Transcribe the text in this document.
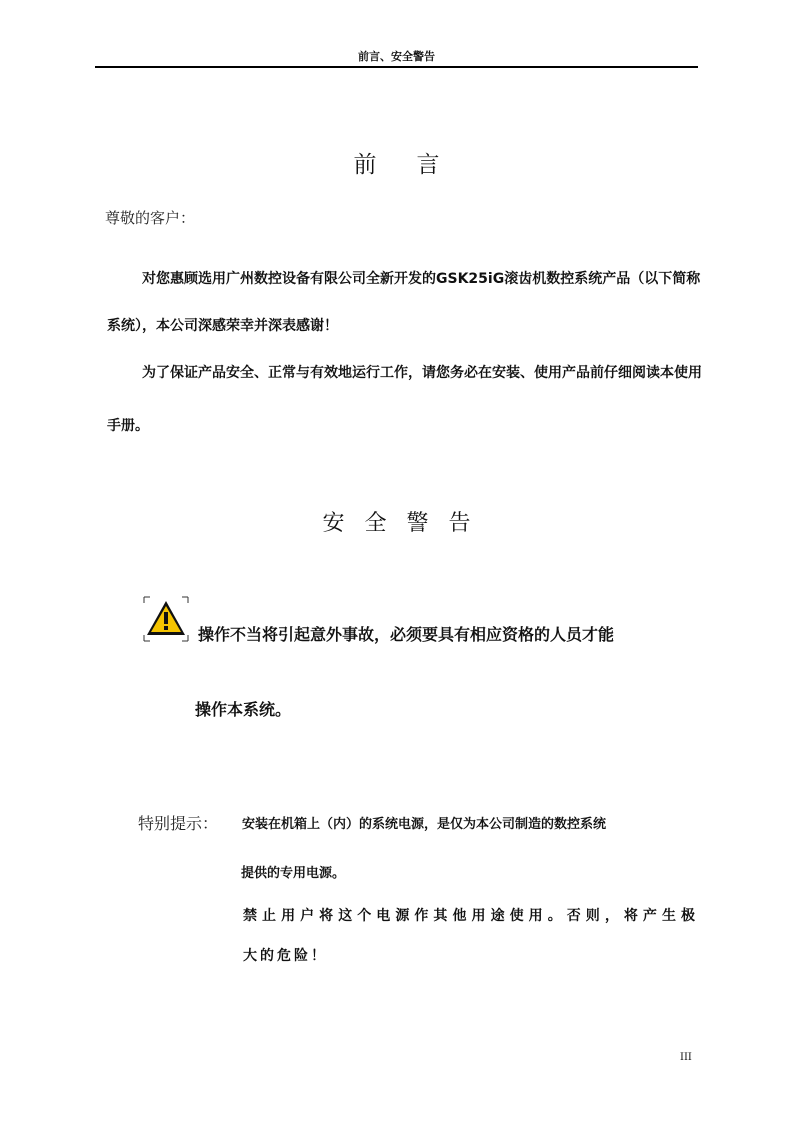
前言、安全警告
前言
尊敬的客户：
对您惠顾选用广州数控设备有限公司全新开发的GSK25iG滚齿机数控系统产品（以下简称系统），本公司深感荣幸并深表感谢！
为了保证产品安全、正常与有效地运行工作，请您务必在安装、使用产品前仔细阅读本使用手册。
安全警告
操作不当将引起意外事故，必须要具有相应资格的人员才能
操作本系统。
特别提示： 安装在机箱上（内）的系统电源，是仅为本公司制造的数控系统
提供的专用电源。
禁止用户将这个电源作其他用途使用。否则，将产生极
大的危险！
III
